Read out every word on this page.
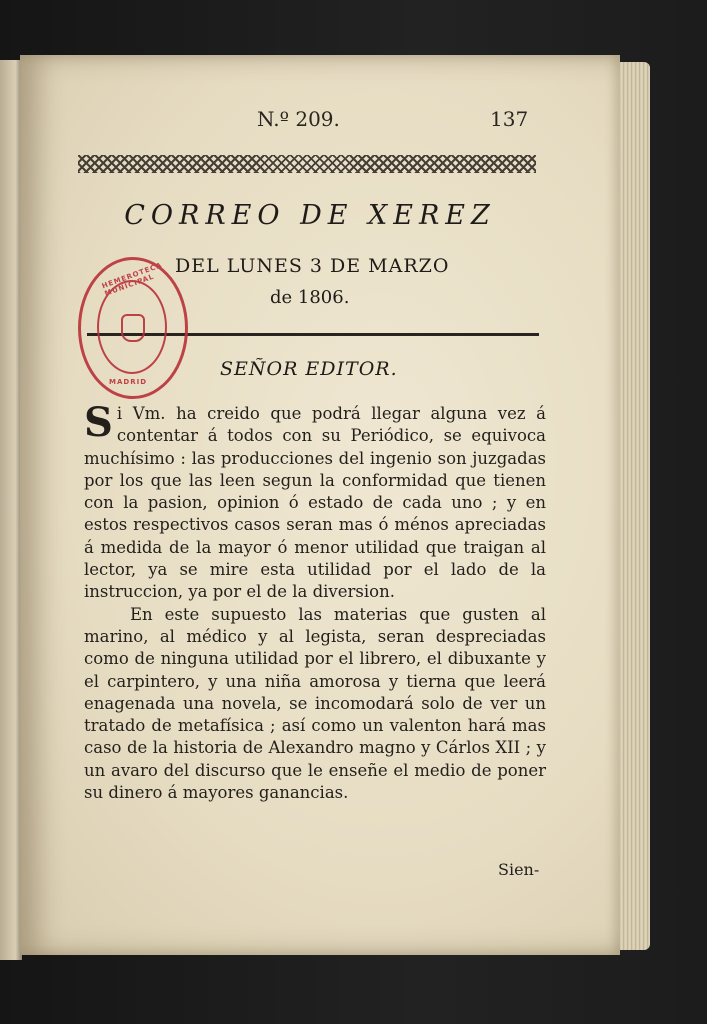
N.º 209.	137
CORREO DE XEREZ
DEL LUNES 3 DE MARZO
de 1806.
HEMEROTECA MUNICIPAL
MADRID
SEÑOR EDITOR.

Si Vm. ha creido que podrá llegar alguna vez á contentar á todos con su Periódico, se equivoca muchísimo : las producciones del ingenio son juzgadas por los que las leen segun la conformidad que tienen con la pasion, opinion ó estado de cada uno ; y en estos respectivos casos seran mas ó ménos apreciadas á medida de la mayor ó menor utilidad que traigan al lector, ya se mire esta utilidad por el lado de la instruccion, ya por el de la diversion.

En este supuesto las materias que gusten al marino, al médico y al legista, seran despreciadas como de ninguna utilidad por el librero, el dibuxante y el carpintero, y una niña amorosa y tierna que leerá enagenada una novela, se incomodará solo de ver un tratado de metafísica ; así como un valenton hará mas caso de la historia de Alexandro magno y Cárlos XII ; y un avaro del discurso que le enseñe el medio de poner su dinero á mayores ganancias.

Sien-
